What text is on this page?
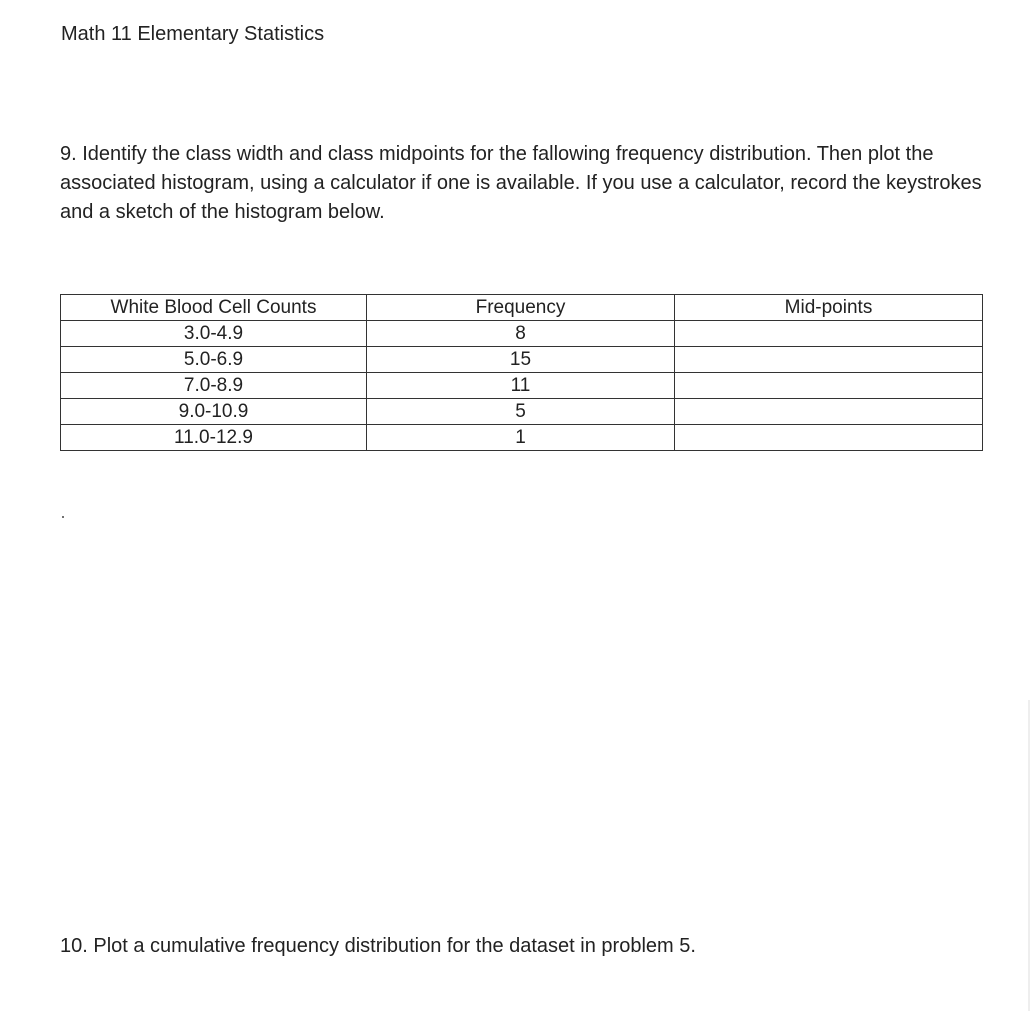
Math 11 Elementary Statistics
9. Identify the class width and class midpoints for the fallowing frequency distribution. Then plot the associated histogram, using a calculator if one is available. If you use a calculator, record the keystrokes and a sketch of the histogram below.
White Blood Cell Counts	Frequency	Mid-points
3.0-4.9	8	
5.0-6.9	15	
7.0-8.9	11	
9.0-10.9	5	
11.0-12.9	1	
10. Plot a cumulative frequency distribution for the dataset in problem 5.
